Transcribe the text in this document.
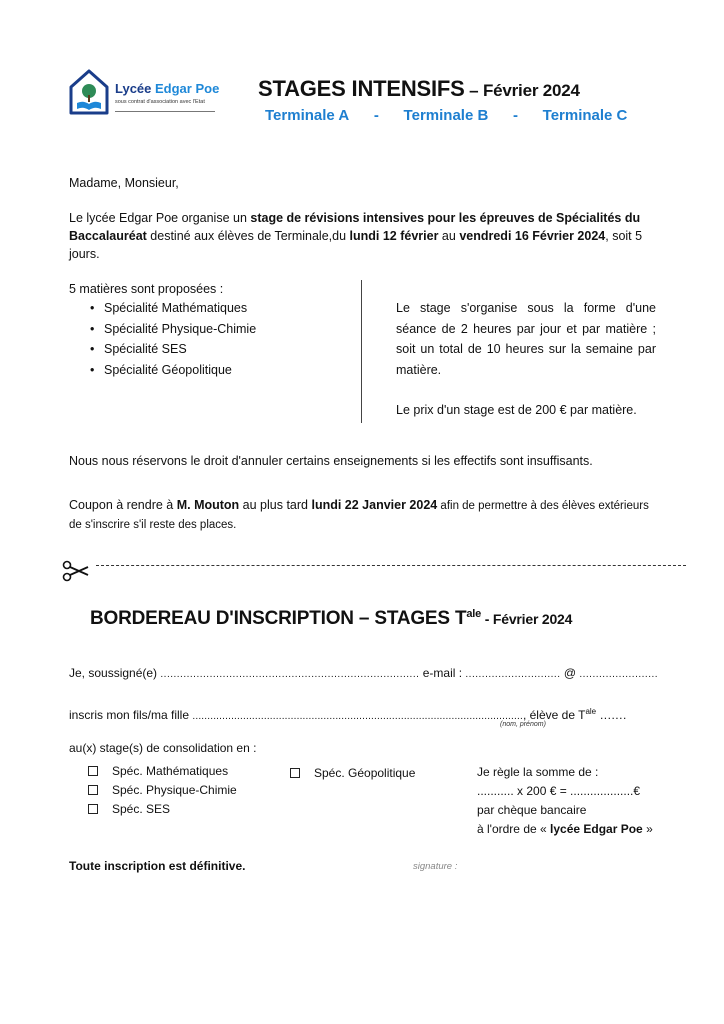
Lycée Edgar Poe
sous contrat d'association avec l'Etat
STAGES INTENSIFS – Février 2024
Terminale A - Terminale B - Terminale C
Madame, Monsieur,
Le lycée Edgar Poe organise un stage de révisions intensives pour les épreuves de Spécialités du Baccalauréat destiné aux élèves de Terminale,du lundi 12 février au vendredi 16 Février 2024, soit 5 jours.
5 matières sont proposées :
• Spécialité Mathématiques
• Spécialité Physique-Chimie
• Spécialité SES
• Spécialité Géopolitique
Le stage s'organise sous la forme d'une séance de 2 heures par jour et par matière ; soit un total de 10 heures sur la semaine par matière.
Le prix d'un stage est de 200 € par matière.
Nous nous réservons le droit d'annuler certains enseignements si les effectifs sont insuffisants.
Coupon à rendre à M. Mouton au plus tard lundi 22 Janvier 2024 afin de permettre à des élèves extérieurs de s'inscrire s'il reste des places.
BORDEREAU D'INSCRIPTION – STAGES $T^{ale}$ - Février 2024
Je, soussigné(e) ............................................................................... e-mail : ............................. @ ........................
inscris mon fils/ma fille ..............................................................................................................., élève de $T^{ale}$ .......
(nom, prénom)
au(x) stage(s) de consolidation en :
Spéc. Mathématiques
Spéc. Physique-Chimie
Spéc. SES
Spéc. Géopolitique	Je règle la somme de :
........... x 200 € = ...................€
par chèque bancaire
à l'ordre de « lycée Edgar Poe »
Toute inscription est définitive.	signature :
